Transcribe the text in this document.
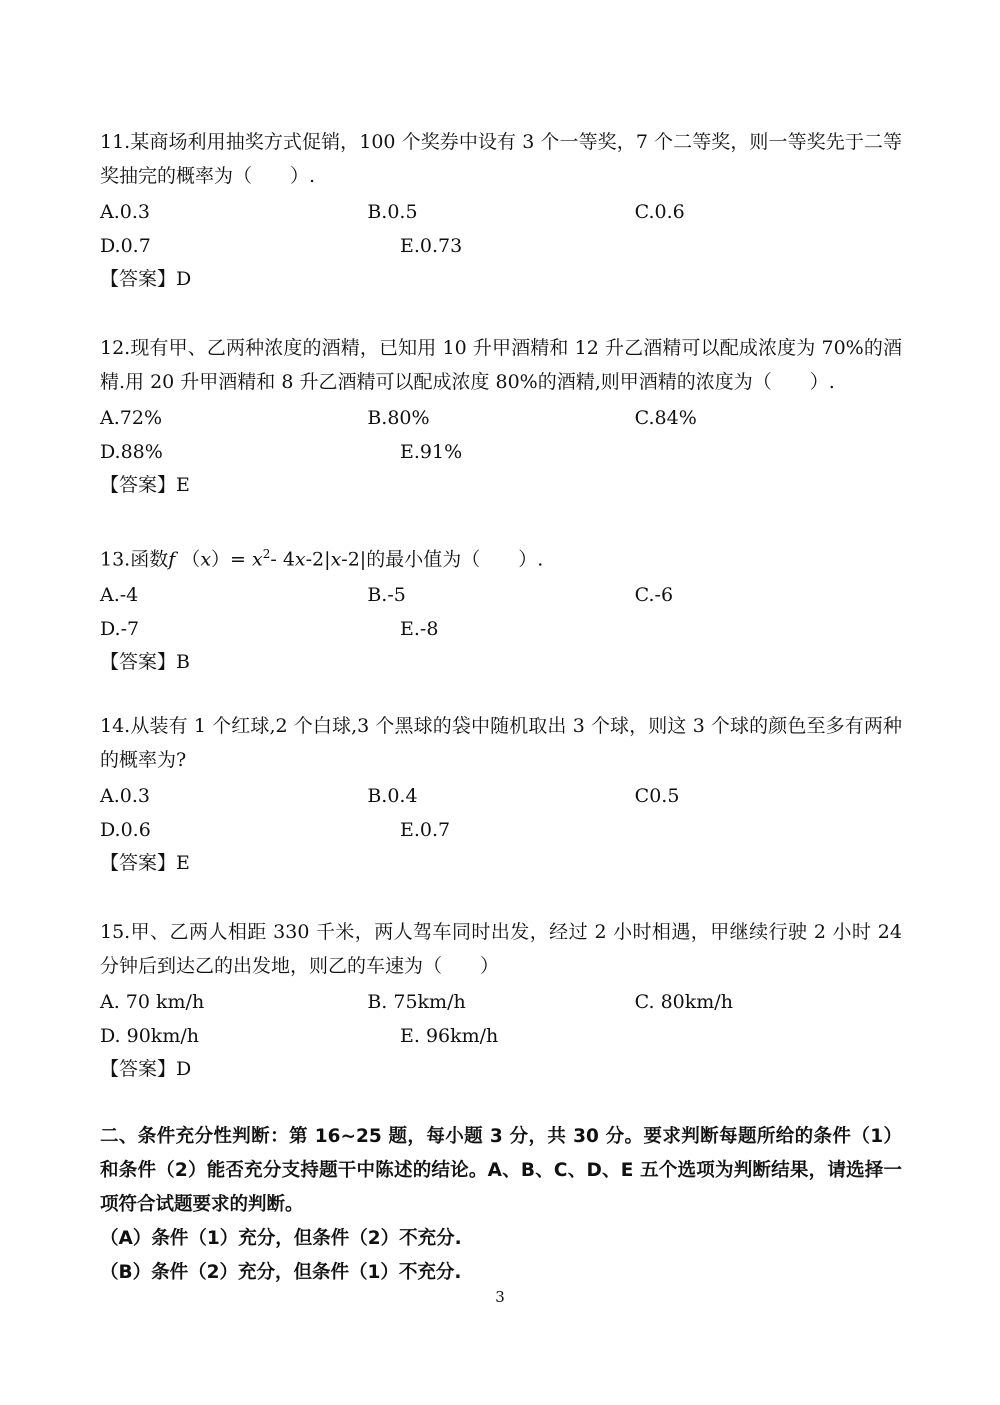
11.某商场利用抽奖方式促销，100 个奖券中设有 3 个一等奖，7 个二等奖，则一等奖先于二等奖抽完的概率为（　　）.

A.0.3	B.0.5	C.0.6
D.0.7	E.0.73
【答案】D

12.现有甲、乙两种浓度的酒精，已知用 10 升甲酒精和 12 升乙酒精可以配成浓度为 70%的酒精.用 20 升甲酒精和 8 升乙酒精可以配成浓度 80%的酒精,则甲酒精的浓度为（　　）.

A.72%	B.80%	C.84%
D.88%	E.91%
【答案】E

13.函数f $(x)= x^2-$ 4x-2|x-2|的最小值为（　　）.

A.-4	B.-5	C.-6
D.-7	E.-8
【答案】B

14.从装有 1 个红球,2 个白球,3 个黑球的袋中随机取出 3 个球，则这 3 个球的颜色至多有两种的概率为?

A.0.3	B.0.4	C0.5
D.0.6	E.0.7
【答案】E

15.甲、乙两人相距 330 千米，两人驾车同时出发，经过 2 小时相遇，甲继续行驶 2 小时 24 分钟后到达乙的出发地，则乙的车速为（　　）

A. 70 km/h	B. 75km/h	C. 80km/h
D. 90km/h	E. 96km/h
【答案】D

二、条件充分性判断：第 16~25 题，每小题 3 分，共 30 分。要求判断每题所给的条件（1）和条件（2）能否充分支持题干中陈述的结论。A、B、C、D、E 五个选项为判断结果，请选择一项符合试题要求的判断。

（A）条件（1）充分，但条件（2）不充分.

（B）条件（2）充分，但条件（1）不充分.

3
